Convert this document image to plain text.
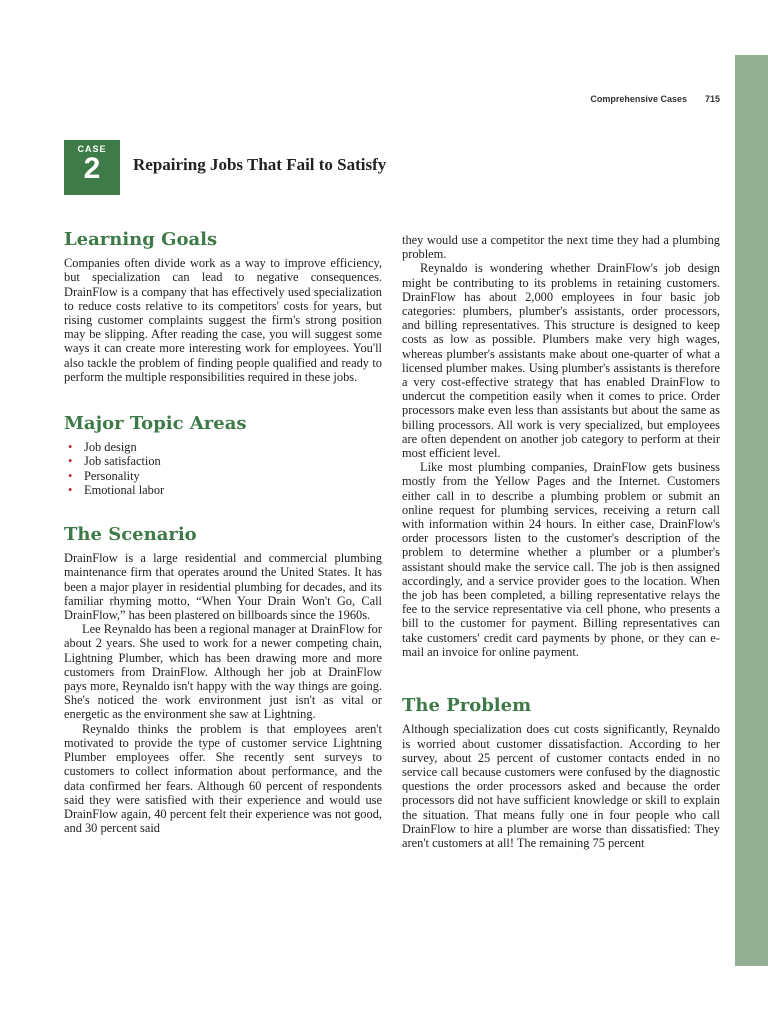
Comprehensive Cases 715
CASE
2	Repairing Jobs That Fail to Satisfy
Learning Goals

Companies often divide work as a way to improve efficiency, but specialization can lead to negative consequences. DrainFlow is a company that has effectively used specialization to reduce costs relative to its competitors' costs for years, but rising customer complaints suggest the firm's strong position may be slipping. After reading the case, you will suggest some ways it can create more interesting work for employees. You'll also tackle the problem of finding people qualified and ready to perform the multiple responsibilities required in these jobs.

Major Topic Areas
• Job design
• Job satisfaction
• Personality
• Emotional labor
The Scenario

DrainFlow is a large residential and commercial plumbing maintenance firm that operates around the United States. It has been a major player in residential plumbing for decades, and its familiar rhyming motto, “When Your Drain Won't Go, Call DrainFlow,” has been plastered on billboards since the 1960s.

Lee Reynaldo has been a regional manager at DrainFlow for about 2 years. She used to work for a newer competing chain, Lightning Plumber, which has been drawing more and more customers from DrainFlow. Although her job at DrainFlow pays more, Reynaldo isn't happy with the way things are going. She's noticed the work environment just isn't as vital or energetic as the environment she saw at Lightning.

Reynaldo thinks the problem is that employees aren't motivated to provide the type of customer service Lightning Plumber employees offer. She recently sent surveys to customers to collect information about performance, and the data confirmed her fears. Although 60 percent of respondents said they were satisfied with their experience and would use DrainFlow again, 40 percent felt their experience was not good, and 30 percent said

they would use a competitor the next time they had a plumbing problem.

Reynaldo is wondering whether DrainFlow's job design might be contributing to its problems in retaining customers. DrainFlow has about 2,000 employees in four basic job categories: plumbers, plumber's assistants, order processors, and billing representatives. This structure is designed to keep costs as low as possible. Plumbers make very high wages, whereas plumber's assistants make about one-quarter of what a licensed plumber makes. Using plumber's assistants is therefore a very cost-effective strategy that has enabled DrainFlow to undercut the competition easily when it comes to price. Order processors make even less than assistants but about the same as billing processors. All work is very specialized, but employees are often dependent on another job category to perform at their most efficient level.

Like most plumbing companies, DrainFlow gets business mostly from the Yellow Pages and the Internet. Customers either call in to describe a plumbing problem or submit an online request for plumbing services, receiving a return call with information within 24 hours. In either case, DrainFlow's order processors listen to the customer's description of the problem to determine whether a plumber or a plumber's assistant should make the service call. The job is then assigned accordingly, and a service provider goes to the location. When the job has been completed, a billing representative relays the fee to the service representative via cell phone, who presents a bill to the customer for payment. Billing representatives can take customers' credit card payments by phone, or they can e-mail an invoice for online payment.

The Problem

Although specialization does cut costs significantly, Reynaldo is worried about customer dissatisfaction. According to her survey, about 25 percent of customer contacts ended in no service call because customers were confused by the diagnostic questions the order processors asked and because the order processors did not have sufficient knowledge or skill to explain the situation. That means fully one in four people who call DrainFlow to hire a plumber are worse than dissatisfied: They aren't customers at all! The remaining 75 percent
